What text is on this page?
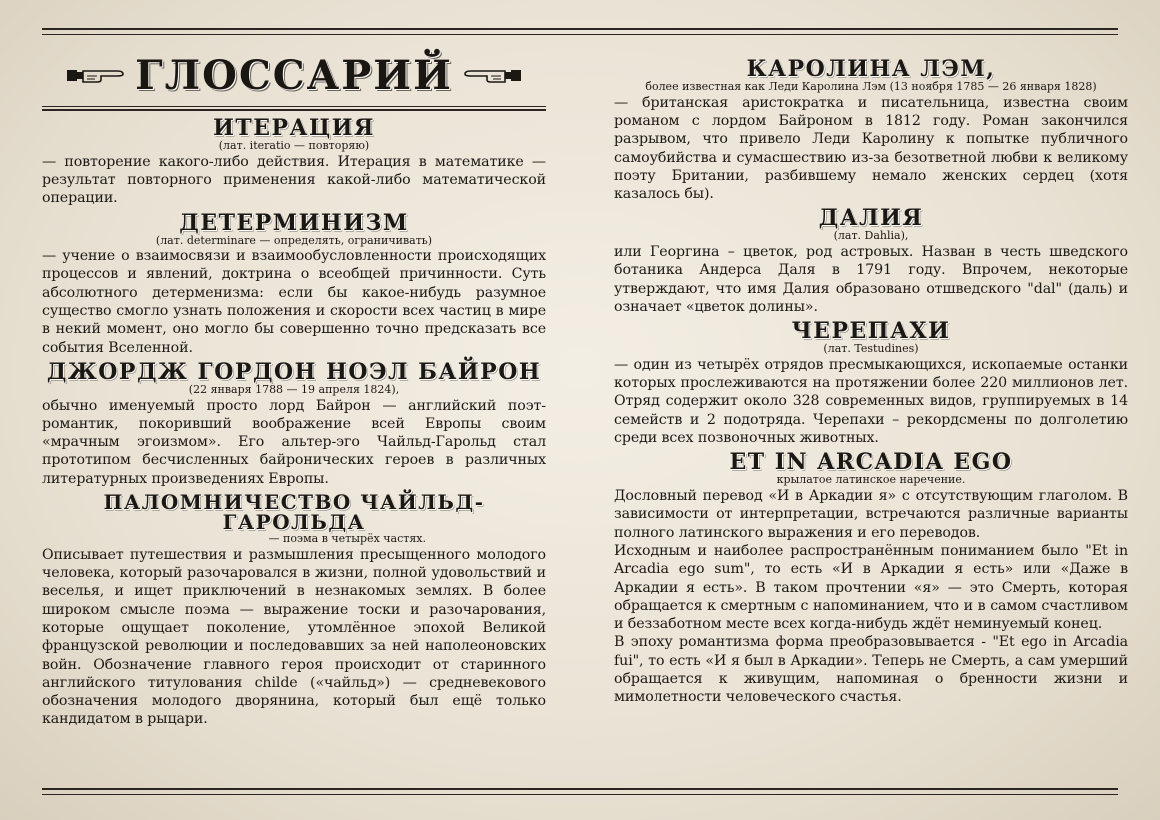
ГЛОССАРИЙ
ИТЕРАЦИЯ
(лат. iteratio — повторяю)

— повторение какого-либо действия. Итерация в математике — результат повторного применения какой-либо математической операции.

ДЕТЕРМИНИЗМ
(лат. determinare — определять, ограничивать)

— учение о взаимосвязи и взаимообусловленности происходящих процессов и явлений, доктрина о всеобщей причинности. Суть абсолютного детерменизма: если бы какое-нибудь разумное существо смогло узнать положения и скорости всех частиц в мире в некий момент, оно могло бы совершенно точно предсказать все события Вселенной.

ДЖОРДЖ ГОРДОН НОЭЛ БАЙРОН
(22 января 1788 — 19 апреля 1824),

обычно именуемый просто лорд Байрон — английский поэт-романтик, покоривший воображение всей Европы своим «мрачным эгоизмом». Его альтер-эго Чайльд-Гарольд стал прототипом бесчисленных байронических героев в различных литературных произведениях Европы.

ПАЛОМНИЧЕСТВО ЧАЙЛЬД-ГАРОЛЬДА
— поэма в четырёх частях.

Описывает путешествия и размышления пресыщенного молодого человека, который разочаровался в жизни, полной удовольствий и веселья, и ищет приключений в незнакомых землях. В более широком смысле поэма — выражение тоски и разочарования, которые ощущает поколение, утомлённое эпохой Великой французской революции и последовавших за ней наполеоновских войн. Обозначение главного героя происходит от старинного английского титулования childe («чайльд») — средневекового обозначения молодого дворянина, который был ещё только кандидатом в рыцари.

КАРОЛИНА ЛЭМ,
более известная как Леди Каролина Лэм (13 ноября 1785 — 26 января 1828)

— британская аристократка и писательница, известна своим романом с лордом Байроном в 1812 году. Роман закончился разрывом, что привело Леди Каролину к попытке публичного самоубийства и сумасшествию из-за безответной любви к великому поэту Британии, разбившему немало женских сердец (хотя казалось бы).

ДАЛИЯ
(лат. Dahlia),

или Георгина – цветок, род астровых. Назван в честь шведского ботаника Андерса Даля в 1791 году. Впрочем, некоторые утверждают, что имя Далия образовано отшведского "dal" (даль) и означает «цветок долины».

ЧЕРЕПАХИ
(лат. Testudines)

— один из четырёх отрядов пресмыкающихся, ископаемые останки которых прослеживаются на протяжении более 220 миллионов лет. Отряд содержит около 328 современных видов, группируемых в 14 семейств и 2 подотряда. Черепахи – рекордсмены по долголетию среди всех позвоночных животных.

ET IN ARCADIA EGO
крылатое латинское наречение.

Дословный перевод «И в Аркадии я» с отсутствующим глаголом. В зависимости от интерпретации, встречаются различные варианты полного латинского выражения и его переводов.

Исходным и наиболее распространённым пониманием было "Et in Arcadia ego sum", то есть «И в Аркадии я есть» или «Даже в Аркадии я есть». В таком прочтении «я» — это Смерть, которая обращается к смертным с напоминанием, что и в самом счастливом и беззаботном месте всех когда-нибудь ждёт неминуемый конец.

В эпоху романтизма форма преобразовывается - "Et ego in Arcadia fui", то есть «И я был в Аркадии». Теперь не Смерть, а сам умерший обращается к живущим, напоминая о бренности жизни и мимолетности человеческого счастья.
